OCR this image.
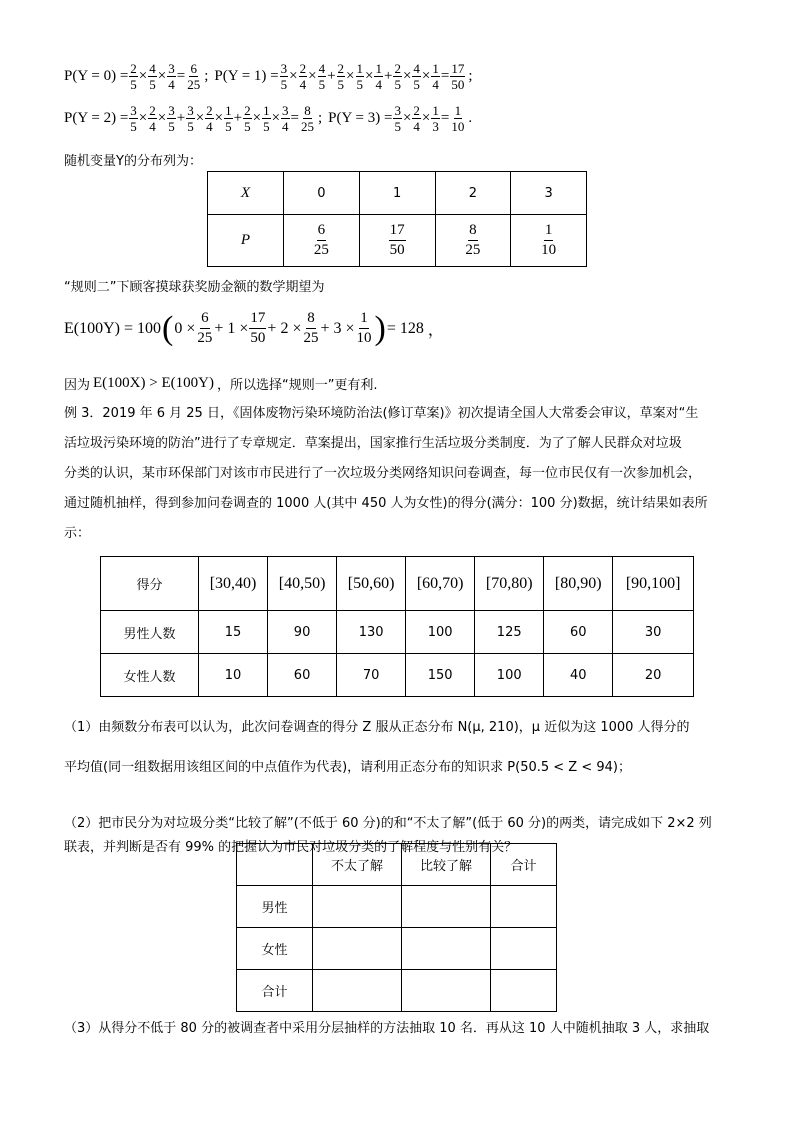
$P(Y = 0) = \frac{2}{5} \times \frac{4}{5} \times \frac{3}{4} = \frac{6}{25}$ ; $P(Y = 1) = \frac{3}{5} \times \frac{2}{4} \times \frac{4}{5} + \frac{2}{5} \times \frac{1}{5} \times \frac{1}{4} + \frac{2}{5} \times \frac{4}{5} \times \frac{1}{4} = \frac{17}{50}$ ;
$P(Y = 2) = \frac{3}{5} \times \frac{2}{4} \times \frac{3}{5} + \frac{3}{5} \times \frac{2}{4} \times \frac{1}{5} + \frac{2}{5} \times \frac{1}{5} \times \frac{3}{4} = \frac{8}{25}$ ; $P(Y = 3) = \frac{3}{5} \times \frac{2}{4} \times \frac{1}{3} = \frac{1}{10}$ .
随机变量Y的分布列为：
X	0	1	2	3
P	$\frac{6}{25}$	$\frac{17}{50}$	$\frac{8}{25}$	$\frac{1}{10}$
“规则二”下顾客摸球获奖励金额的数学期望为
E(100Y) = 100 ( $0 \times \frac{6}{25} + 1 \times \frac{17}{50} + 2 \times \frac{8}{25} + 3 \times \frac{1}{10}$ ) = 128 ，
因为 E(100X) > E(100Y) ，所以选择“规则一”更有利.
例 3．2019 年 6 月 25 日，《固体废物污染环境防治法(修订草案)》初次提请全国人大常委会审议，草案对“生
活垃圾污染环境的防治”进行了专章规定．草案提出，国家推行生活垃圾分类制度．为了了解人民群众对垃圾
分类的认识，某市环保部门对该市市民进行了一次垃圾分类网络知识问卷调查，每一位市民仅有一次参加机会，
通过随机抽样，得到参加问卷调查的 1000 人(其中 450 人为女性)的得分(满分：100 分)数据，统计结果如表所
示：
得分	[30,40)	[40,50)	[50,60)	[60,70)	[70,80)	[80,90)	[90,100]
男性人数	15	90	130	100	125	60	30
女性人数	10	60	70	150	100	40	20
（1）由频数分布表可以认为，此次问卷调查的得分 Z 服从正态分布 N(μ, 210)，μ 近似为这 1000 人得分的
平均值(同一组数据用该组区间的中点值作为代表)，请利用正态分布的知识求 P(50.5 < Z < 94)；
（2）把市民分为对垃圾分类“比较了解”(不低于 60 分)的和“不太了解”(低于 60 分)的两类，请完成如下 2×2 列
联表，并判断是否有 99% 的把握认为市民对垃圾分类的了解程度与性别有关？
	不太了解	比较了解	合计
男性			
女性			
合计			
（3）从得分不低于 80 分的被调查者中采用分层抽样的方法抽取 10 名．再从这 10 人中随机抽取 3 人，求抽取
